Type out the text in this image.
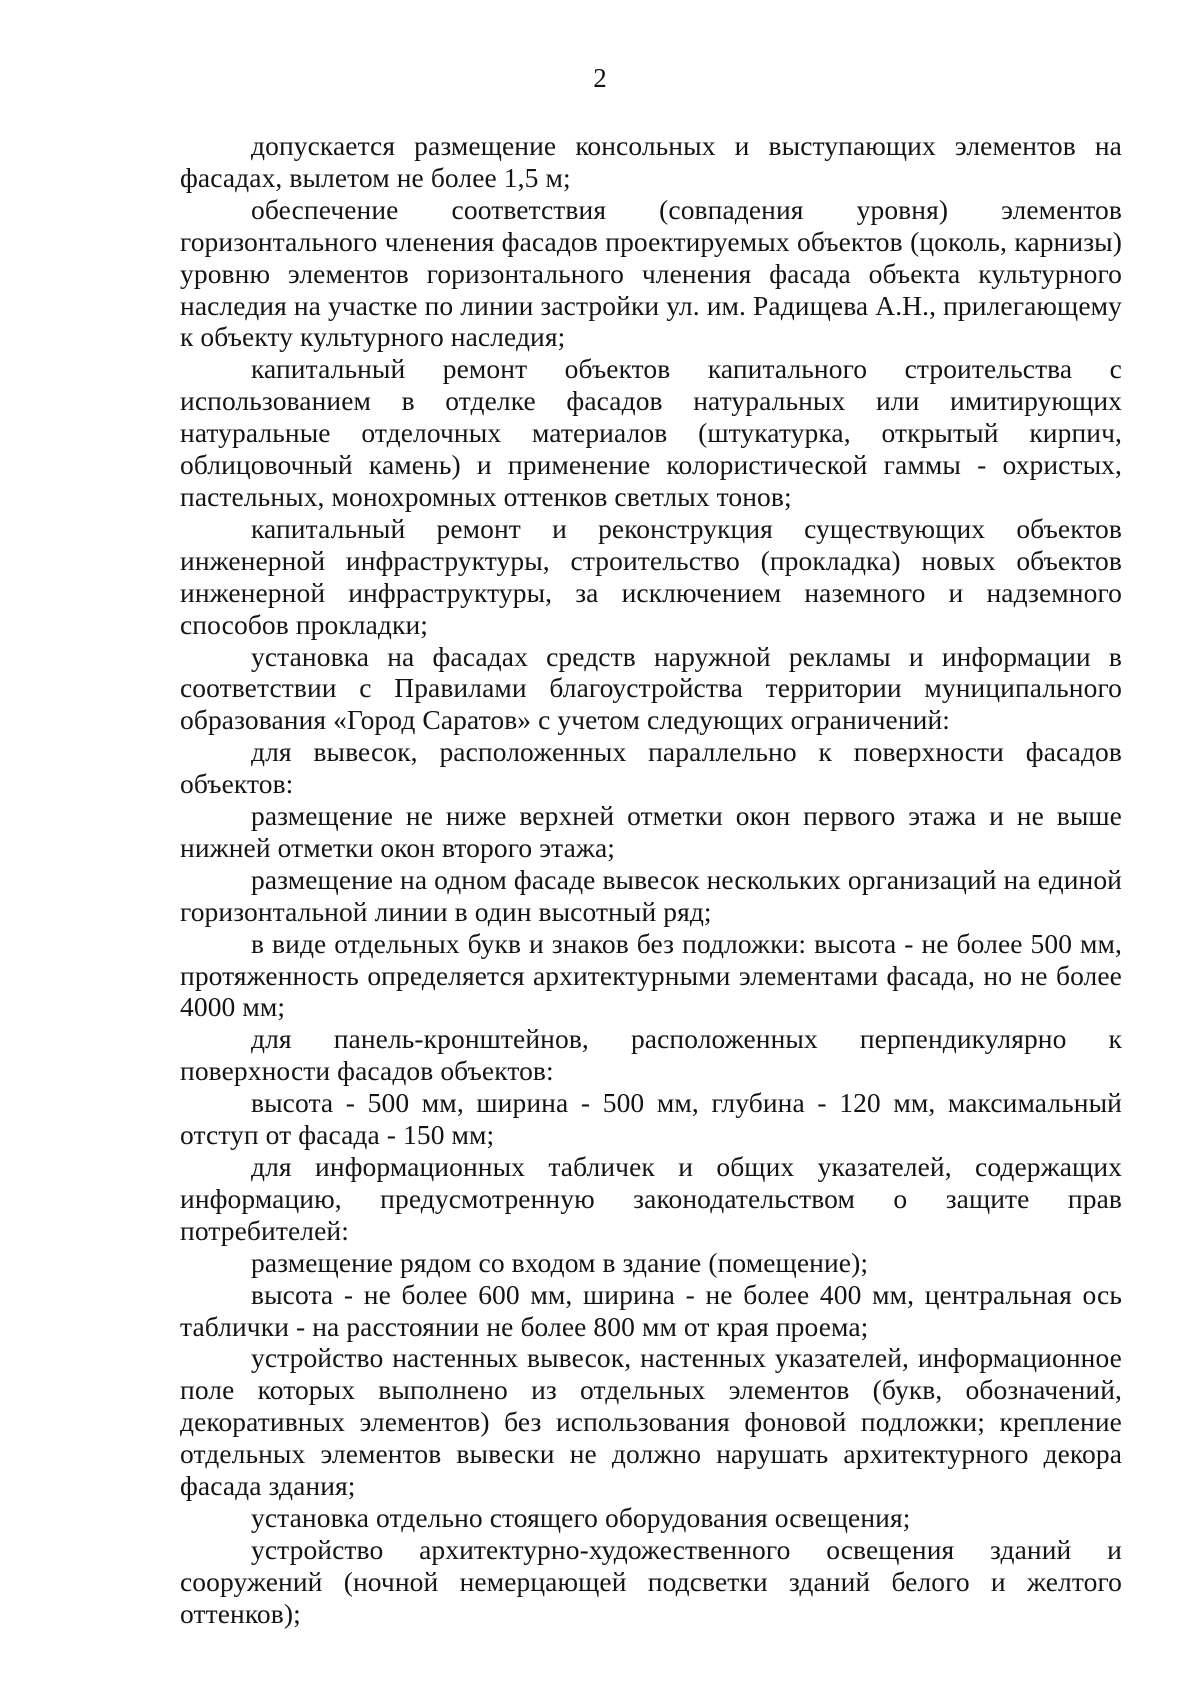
2

допускается размещение консольных и выступающих элементов на фасадах, вылетом не более 1,5 м;

обеспечение соответствия (совпадения уровня) элементов горизонтального членения фасадов проектируемых объектов (цоколь, карнизы) уровню элементов горизонтального членения фасада объекта культурного наследия на участке по линии застройки ул. им. Радищева А.Н., прилегающему к объекту культурного наследия;

капитальный ремонт объектов капитального строительства с использованием в отделке фасадов натуральных или имитирующих натуральные отделочных материалов (штукатурка, открытый кирпич, облицовочный камень) и применение колористической гаммы - охристых, пастельных, монохромных оттенков светлых тонов;

капитальный ремонт и реконструкция существующих объектов инженерной инфраструктуры, строительство (прокладка) новых объектов инженерной инфраструктуры, за исключением наземного и надземного способов прокладки;

установка на фасадах средств наружной рекламы и информации в соответствии с Правилами благоустройства территории муниципального образования «Город Саратов» с учетом следующих ограничений:

для вывесок, расположенных параллельно к поверхности фасадов объектов:

размещение не ниже верхней отметки окон первого этажа и не выше нижней отметки окон второго этажа;

размещение на одном фасаде вывесок нескольких организаций на единой горизонтальной линии в один высотный ряд;

в виде отдельных букв и знаков без подложки: высота - не более 500 мм, протяженность определяется архитектурными элементами фасада, но не более 4000 мм;

для панель-кронштейнов, расположенных перпендикулярно к поверхности фасадов объектов:

высота - 500 мм, ширина - 500 мм, глубина - 120 мм, максимальный отступ от фасада - 150 мм;

для информационных табличек и общих указателей, содержащих информацию, предусмотренную законодательством о защите прав потребителей:

размещение рядом со входом в здание (помещение);

высота - не более 600 мм, ширина - не более 400 мм, центральная ось таблички - на расстоянии не более 800 мм от края проема;

устройство настенных вывесок, настенных указателей, информационное поле которых выполнено из отдельных элементов (букв, обозначений, декоративных элементов) без использования фоновой подложки; крепление отдельных элементов вывески не должно нарушать архитектурного декора фасада здания;

установка отдельно стоящего оборудования освещения;

устройство архитектурно-художественного освещения зданий и сооружений (ночной немерцающей подсветки зданий белого и желтого оттенков);
